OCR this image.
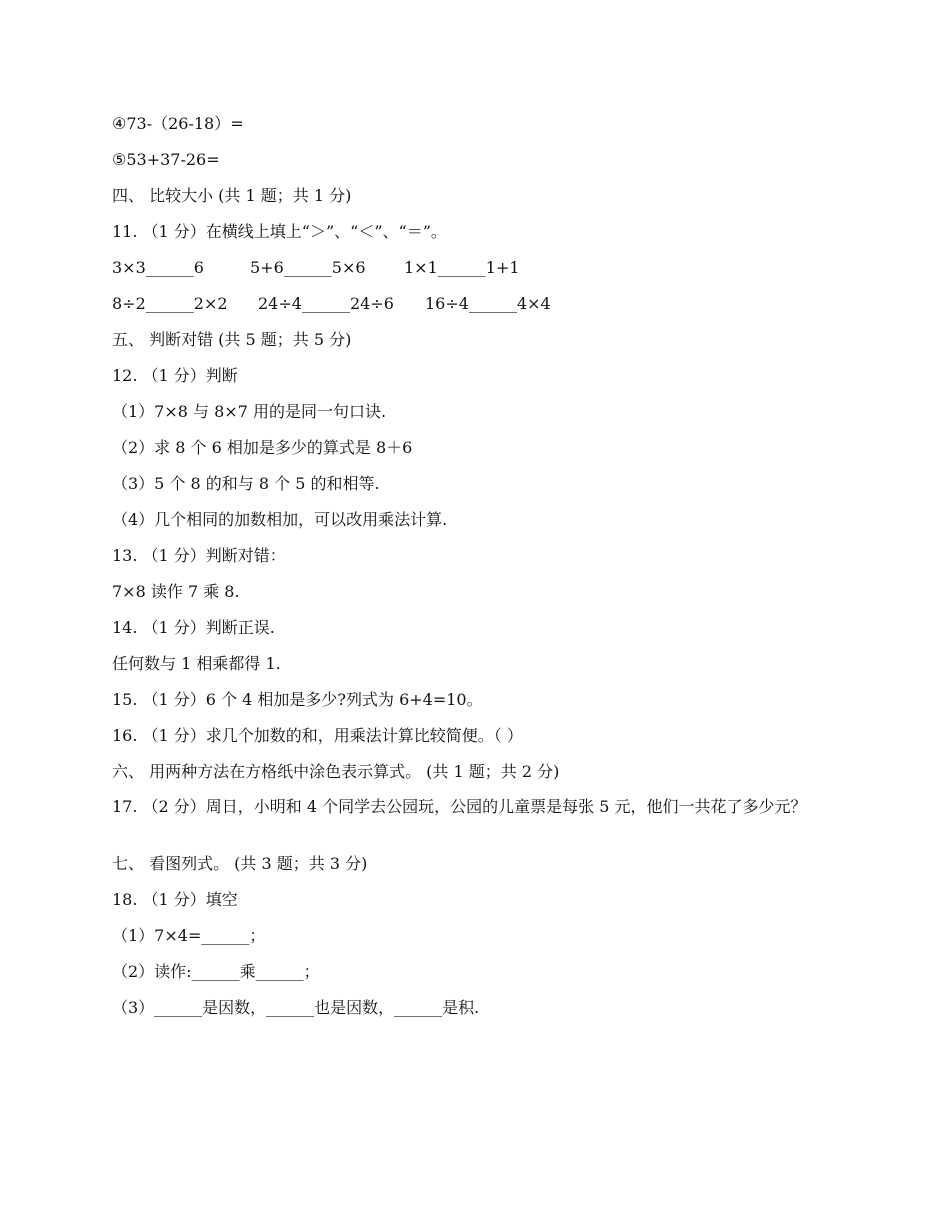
④73-（26-18）=
⑤53+37-26=
四、 比较大小 (共 1 题；共 1 分)
11. （1 分）在横线上填上“＞”、“＜”、“＝”。
3×3______6	5+6______5×6 1×1______1+1
8÷2______2×2 24÷4______24÷6 16÷4______4×4
五、 判断对错 (共 5 题；共 5 分)
12. （1 分）判断
（1）7×8 与 8×7 用的是同一句口诀.
（2）求 8 个 6 相加是多少的算式是 8＋6
（3）5 个 8 的和与 8 个 5 的和相等.
（4）几个相同的加数相加，可以改用乘法计算.
13. （1 分）判断对错：
7×8 读作 7 乘 8.
14. （1 分）判断正误.
任何数与 1 相乘都得 1.
15. （1 分）6 个 4 相加是多少?列式为 6+4=10。
16. （1 分）求几个加数的和，用乘法计算比较简便。（ ）
六、 用两种方法在方格纸中涂色表示算式。 (共 1 题；共 2 分)
17. （2 分）周日，小明和 4 个同学去公园玩，公园的儿童票是每张 5 元，他们一共花了多少元？
七、 看图列式。 (共 3 题；共 3 分)
18. （1 分）填空
（1）7×4=______；
（2）读作:______乘______；
（3）______是因数，______也是因数，______是积.
